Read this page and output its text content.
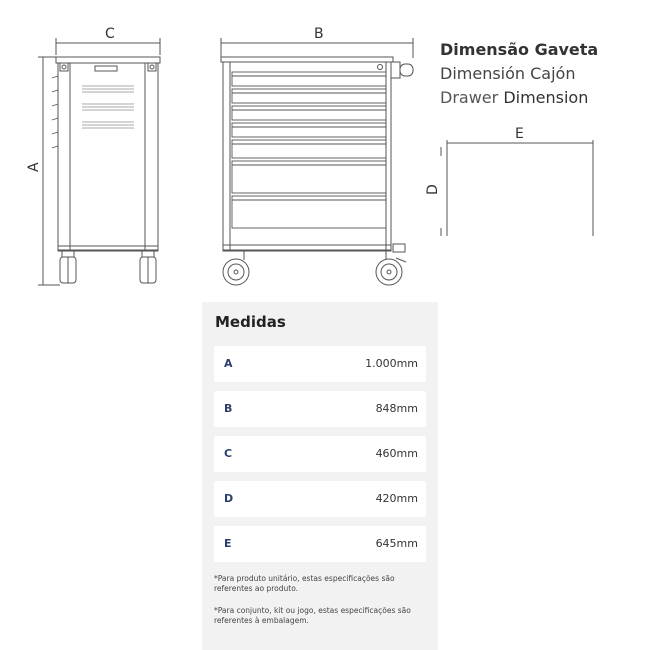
C	B
E
A
D
Dimensão Gaveta
Dimensión Cajón
Drawer Dimension
Medidas
A	1.000mm
B	848mm
C	460mm
D	420mm
E	645mm
*Para produto unitário, estas especificações são referentes ao produto.
*Para conjunto, kit ou jogo, estas especificações são referentes à embalagem.
